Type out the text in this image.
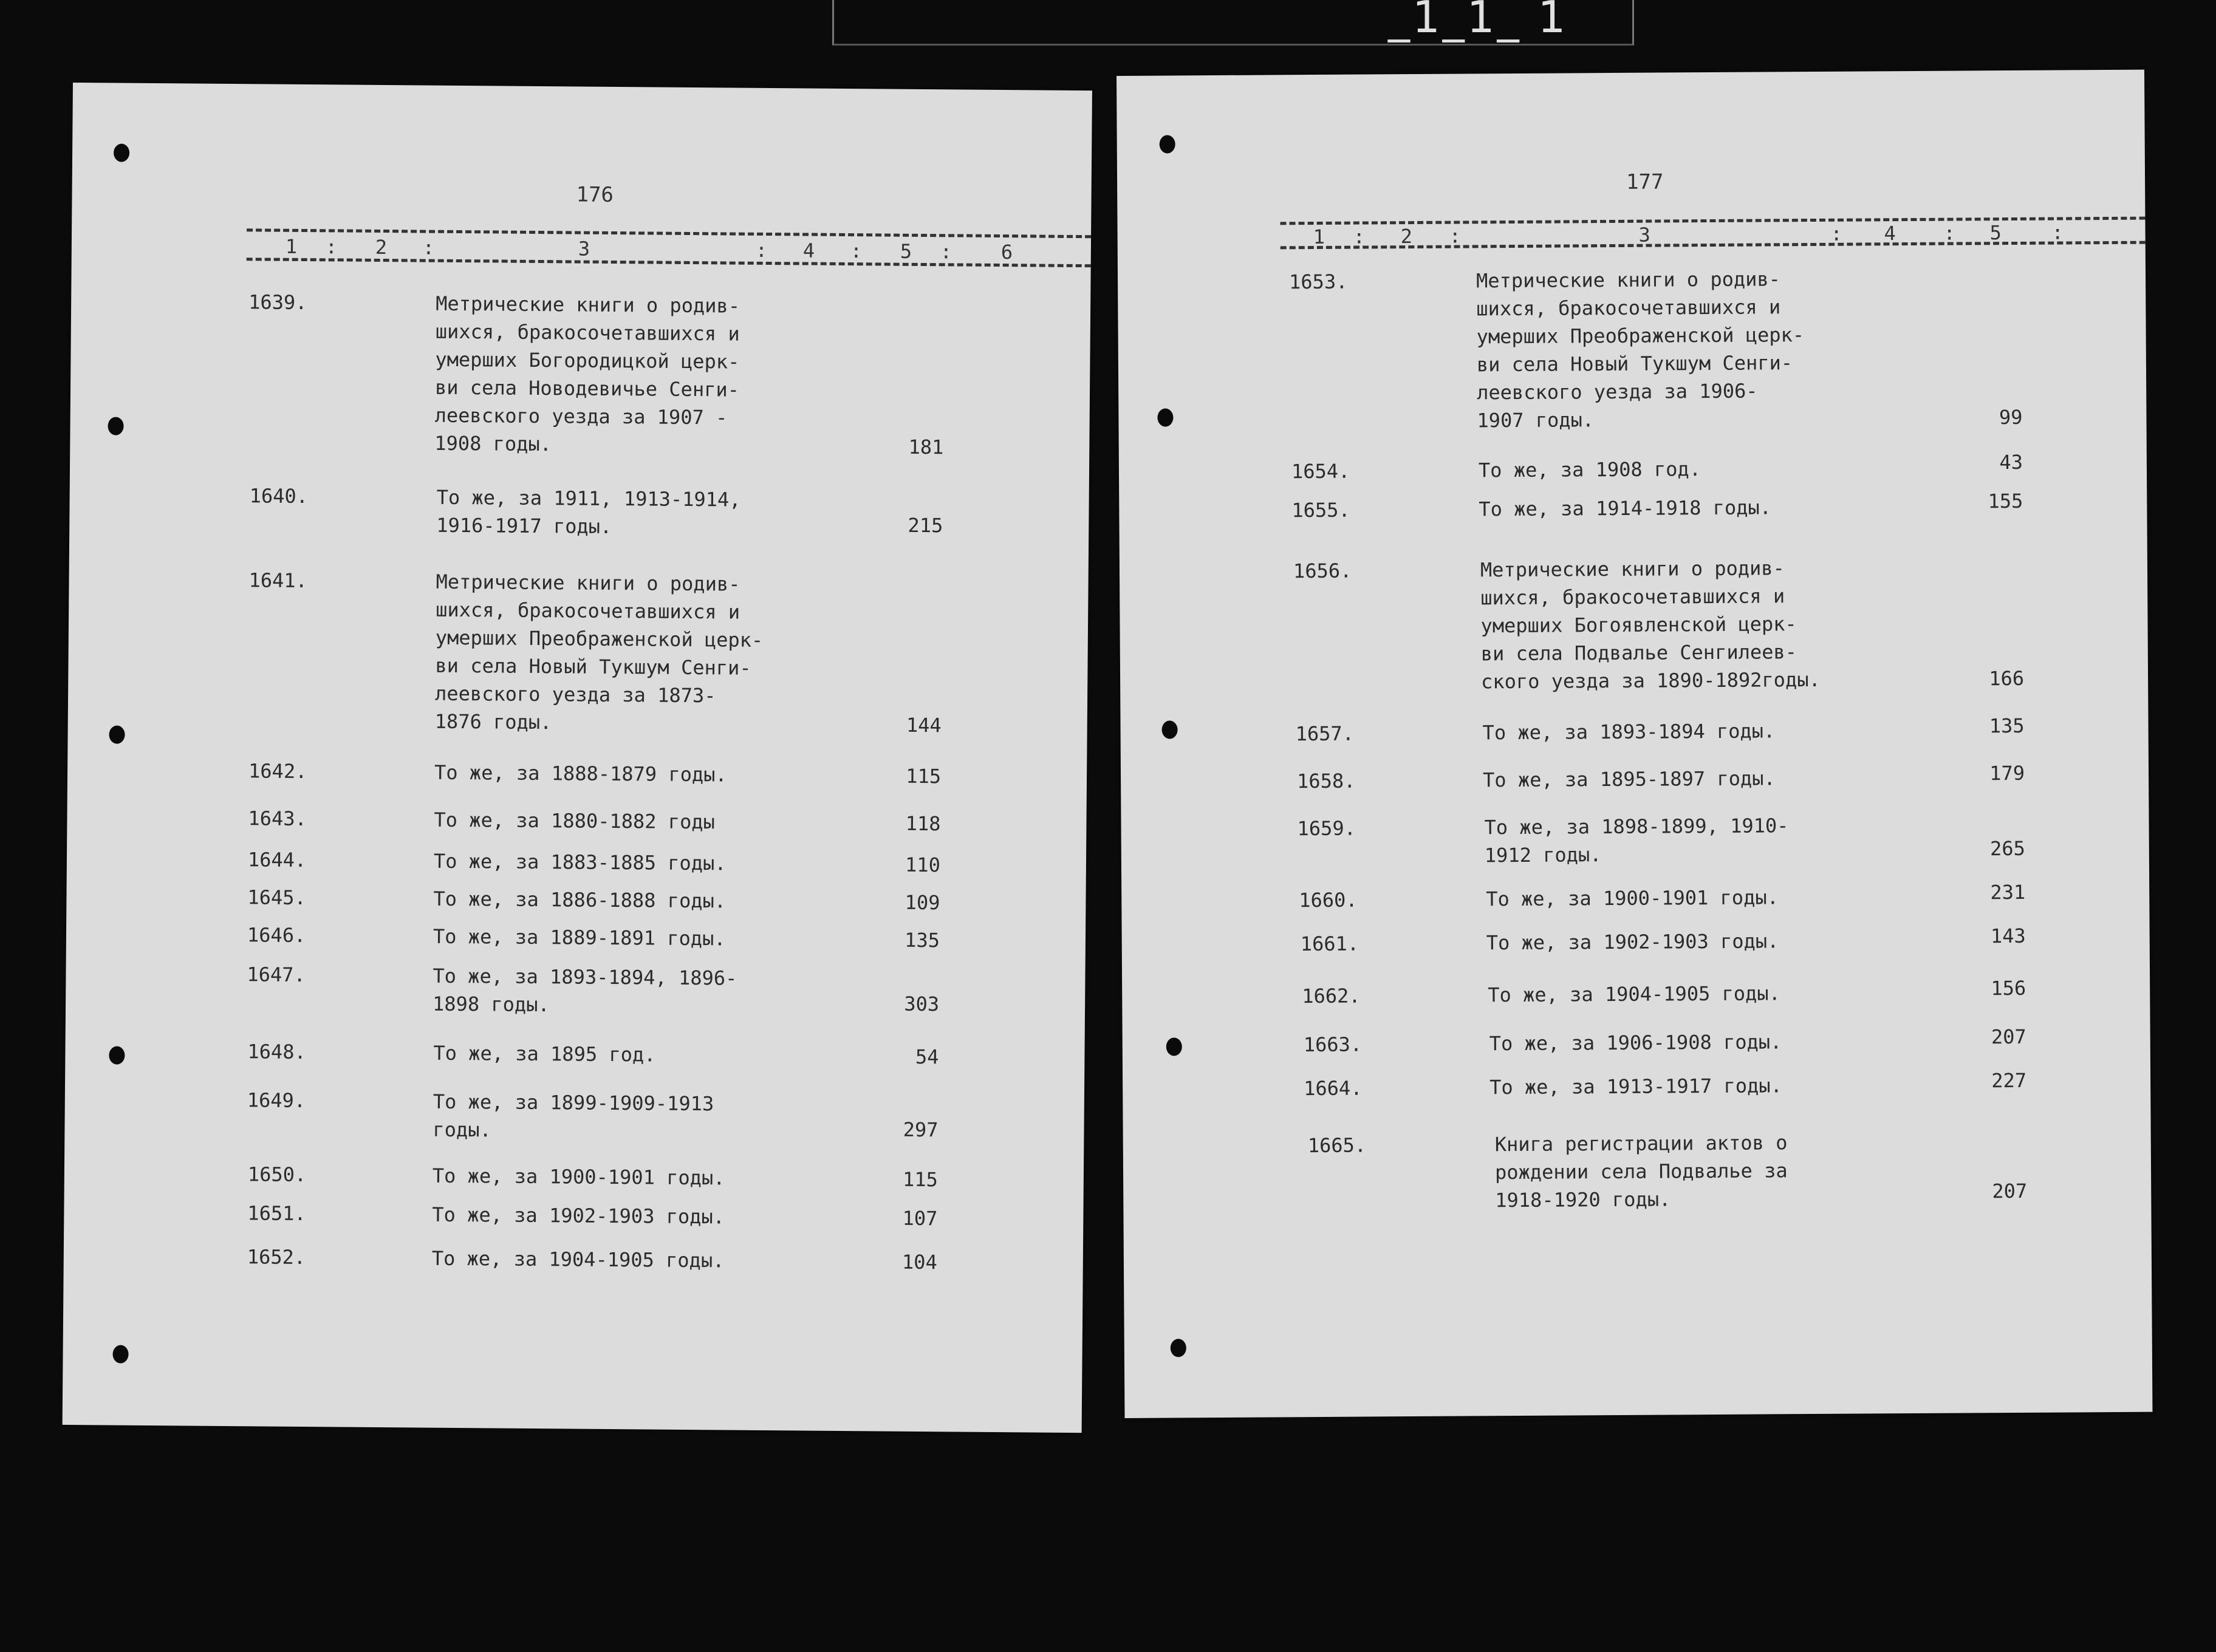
_1_1_ 1
176
1 : 2 :	3	: 4 : 5 :	6
1639.	Метрические книги о родив-
шихся, бракосочетавшихся и
умерших Богородицкой церк-
ви села Новодевичье Сенги-
леевского уезда за 1907 -
1908 годы.	181
1640.	То же, за 1911, 1913-1914,
1916-1917 годы.	215
1641.	Метрические книги о родив-
шихся, бракосочетавшихся и
умерших Преображенской церк-
ви села Новый Тукшум Сенги-
леевского уезда за 1873-
1876 годы.	144
1642.	То же, за 1888-1879 годы.	115
1643.	То же, за 1880-1882 годы	118
1644.	То же, за 1883-1885 годы.	110
1645.	То же, за 1886-1888 годы.	109
1646.	То же, за 1889-1891 годы.	135
1647.	То же, за 1893-1894, 1896-
1898 годы.	303
1648.	То же, за 1895 год.	54
1649.	То же, за 1899-1909-1913
годы.	297
1650.	То же, за 1900-1901 годы.	115
1651.	То же, за 1902-1903 годы.	107
1652.	То же, за 1904-1905 годы.	104
177
1 : 2 :	3	: 4 : 5	:
1653.	Метрические книги о родив-
шихся, бракосочетавшихся и
умерших Преображенской церк-
ви села Новый Тукшум Сенги-
леевского уезда за 1906-
1907 годы.	99
1654.	То же, за 1908 год.	43
1655.	То же, за 1914-1918 годы.	155
1656.	Метрические книги о родив-
шихся, бракосочетавшихся и
умерших Богоявленской церк-
ви села Подвалье Сенгилеев-
ского уезда за 1890-1892годы.	166
1657.	То же, за 1893-1894 годы.	135
1658.	То же, за 1895-1897 годы.	179
1659.	То же, за 1898-1899, 1910-
1912 годы.	265
1660.	То же, за 1900-1901 годы.	231
1661.	То же, за 1902-1903 годы.	143
1662.	То же, за 1904-1905 годы.	156
1663.	То же, за 1906-1908 годы.	207
1664.	То же, за 1913-1917 годы.	227
1665.	Книга регистрации актов о
рождении села Подвалье за
1918-1920 годы.	207
